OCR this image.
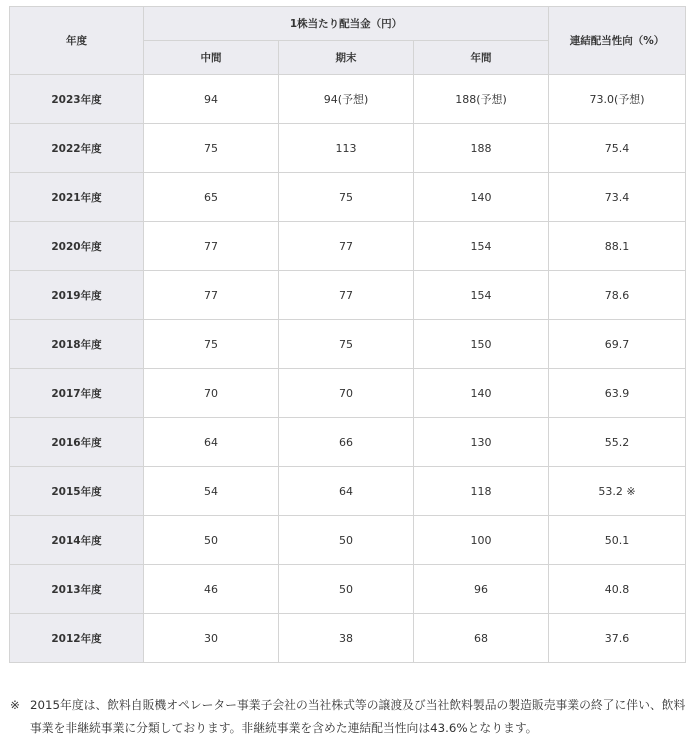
年度	1株当たり配当金（円）			連結配当性向（%）
	中間	期末	年間	
2023年度	94	94(予想)	188(予想)	73.0(予想)
2022年度	75	113	188	75.4
2021年度	65	75	140	73.4
2020年度	77	77	154	88.1
2019年度	77	77	154	78.6
2018年度	75	75	150	69.7
2017年度	70	70	140	63.9
2016年度	64	66	130	55.2
2015年度	54	64	118	53.2 ※
2014年度	50	50	100	50.1
2013年度	46	50	96	40.8
2012年度	30	38	68	37.6
※ 2015年度は、飲料自販機オペレーター事業子会社の当社株式等の譲渡及び当社飲料製品の製造販売事業の終了に伴い、飲料事業を非継続事業に分類しております。非継続事業を含めた連結配当性向は43.6%となります。
